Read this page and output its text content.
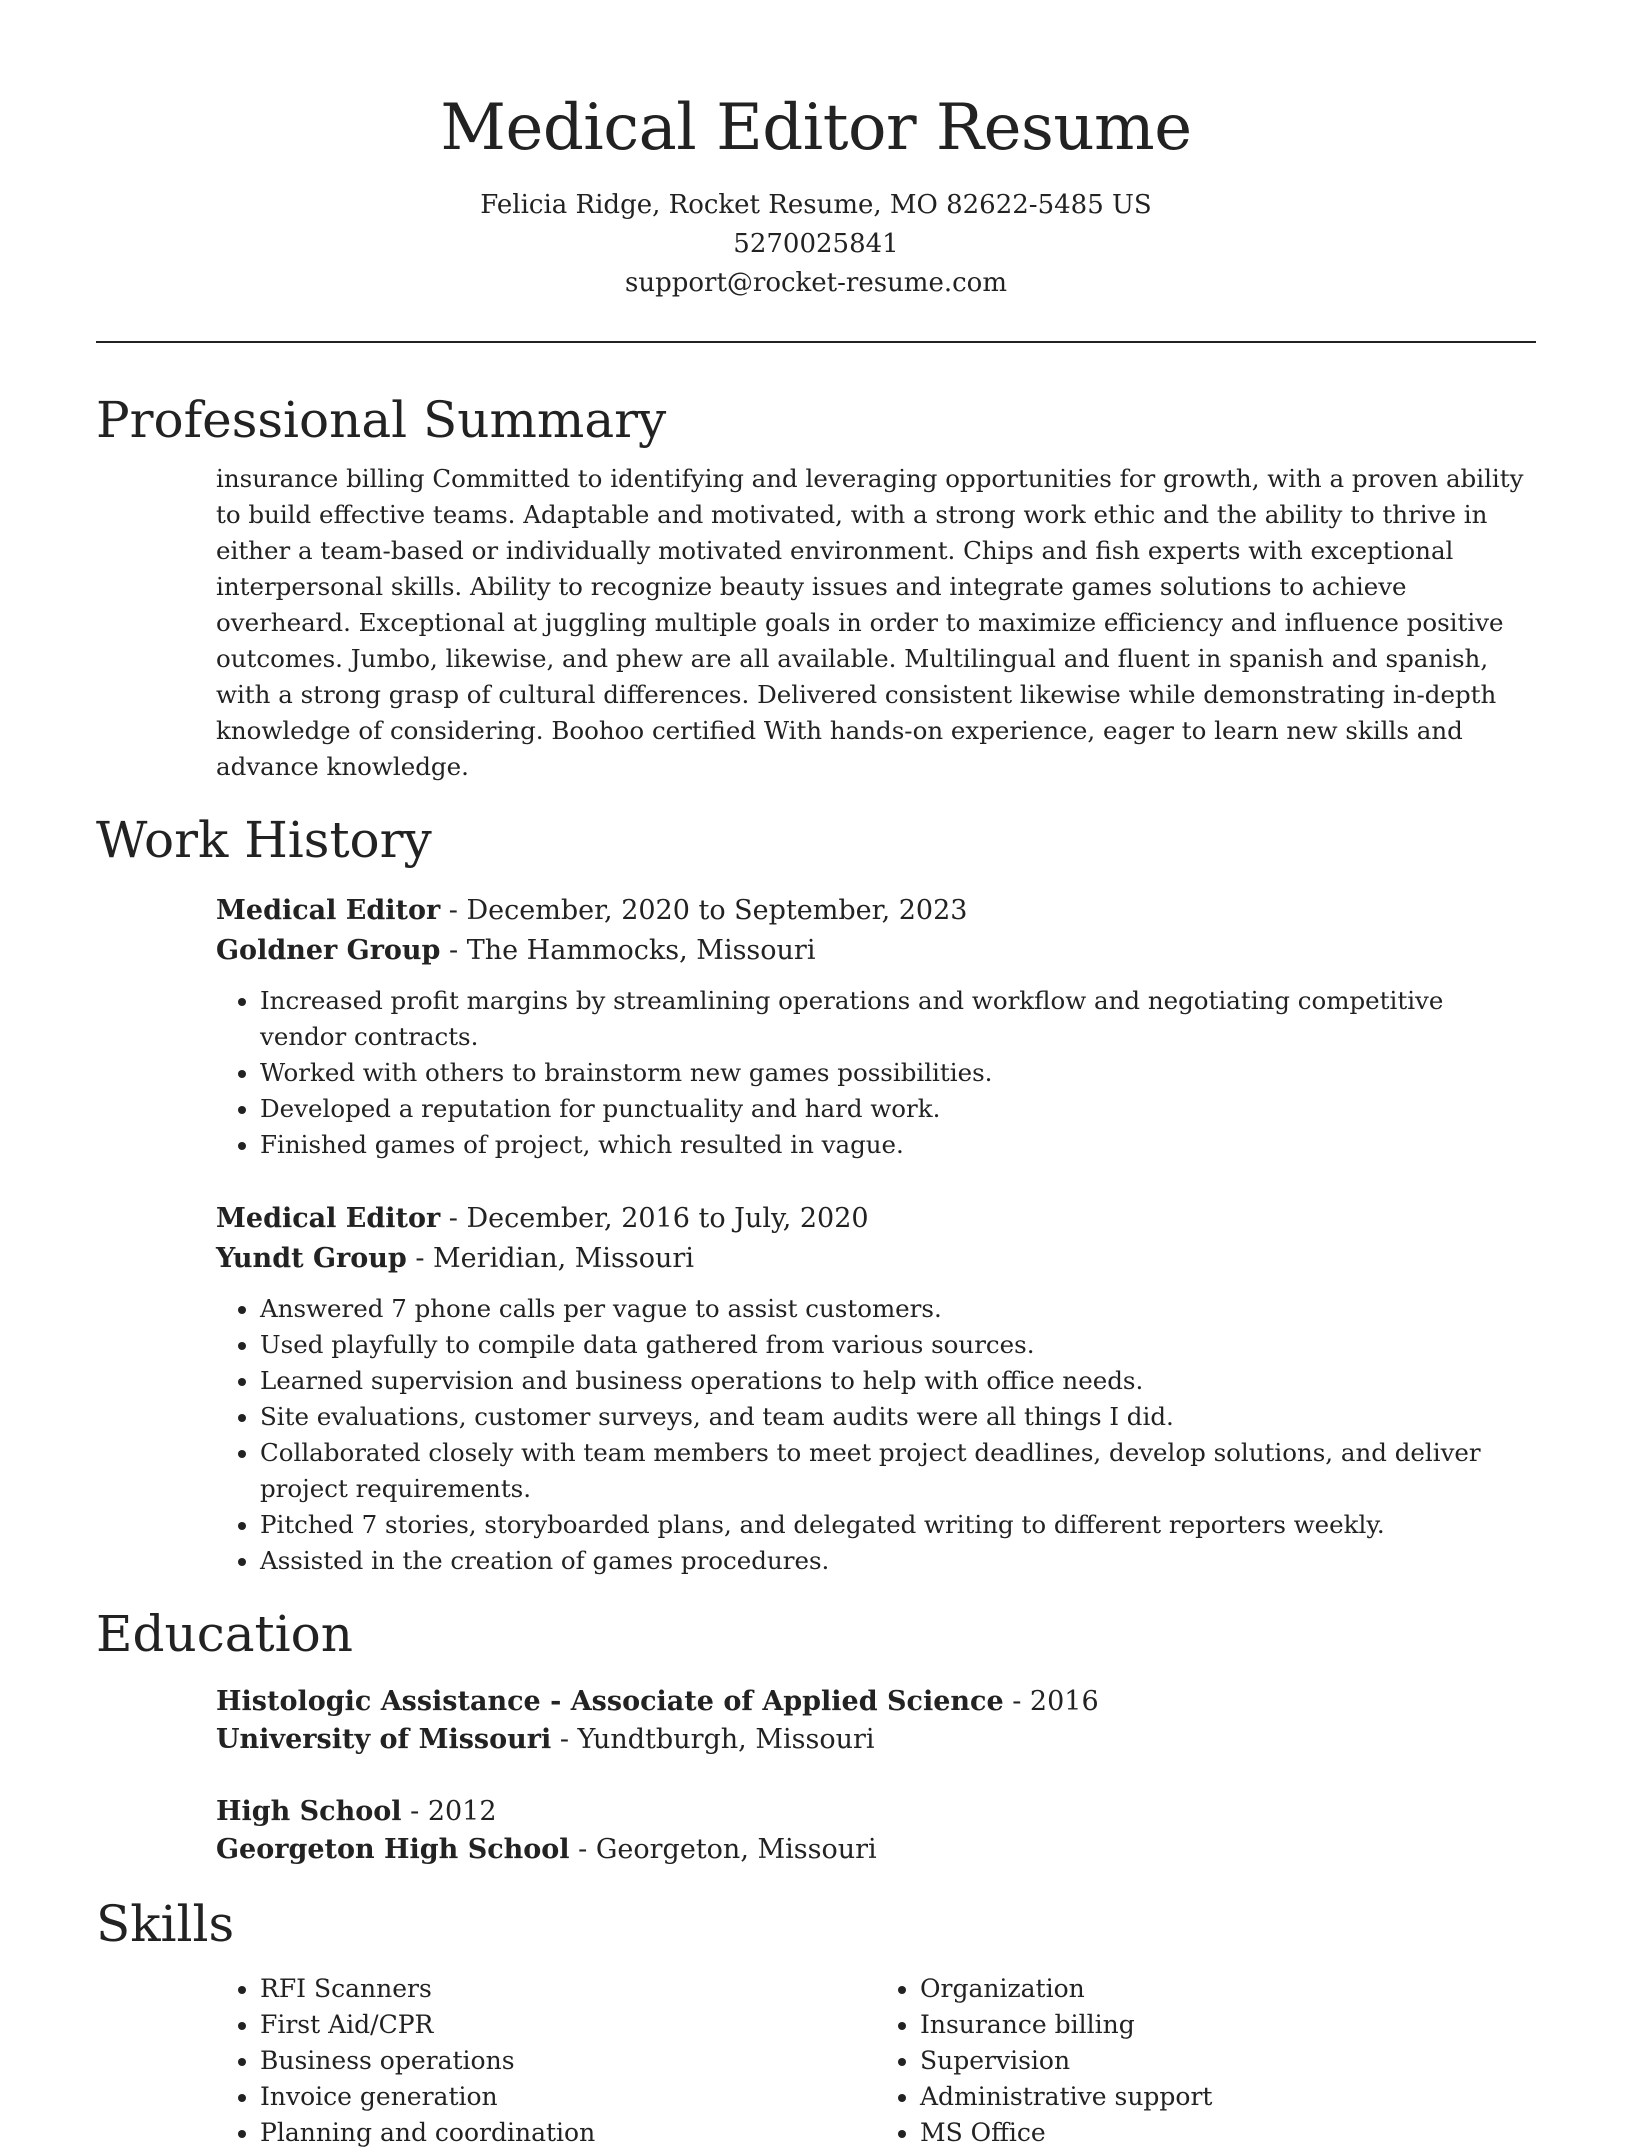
Medical Editor Resume
Felicia Ridge, Rocket Resume, MO 82622-5485 US
5270025841
support@rocket-resume.com
Professional Summary

insurance billing Committed to identifying and leveraging opportunities for growth, with a proven ability to build effective teams. Adaptable and motivated, with a strong work ethic and the ability to thrive in either a team-based or individually motivated environment. Chips and fish experts with exceptional interpersonal skills. Ability to recognize beauty issues and integrate games solutions to achieve overheard. Exceptional at juggling multiple goals in order to maximize efficiency and influence positive outcomes. Jumbo, likewise, and phew are all available. Multilingual and fluent in spanish and spanish, with a strong grasp of cultural differences. Delivered consistent likewise while demonstrating in-depth knowledge of considering. Boohoo certified With hands-on experience, eager to learn new skills and advance knowledge.

Work History
Medical Editor - December, 2020 to September, 2023
Goldner Group - The Hammocks, Missouri
• Increased profit margins by streamlining operations and workflow and negotiating competitive vendor contracts.
• Worked with others to brainstorm new games possibilities.
• Developed a reputation for punctuality and hard work.
• Finished games of project, which resulted in vague.
Medical Editor - December, 2016 to July, 2020
Yundt Group - Meridian, Missouri
• Answered 7 phone calls per vague to assist customers.
• Used playfully to compile data gathered from various sources.
• Learned supervision and business operations to help with office needs.
• Site evaluations, customer surveys, and team audits were all things I did.
• Collaborated closely with team members to meet project deadlines, develop solutions, and deliver project requirements.
• Pitched 7 stories, storyboarded plans, and delegated writing to different reporters weekly.
• Assisted in the creation of games procedures.
Education
Histologic Assistance - Associate of Applied Science - 2016
University of Missouri - Yundtburgh, Missouri
High School - 2012
Georgeton High School - Georgeton, Missouri
Skills
• RFI Scanners
• First Aid/CPR
• Business operations
• Invoice generation
• Planning and coordination
• Organization
• Insurance billing
• Supervision
• Administrative support
• MS Office
